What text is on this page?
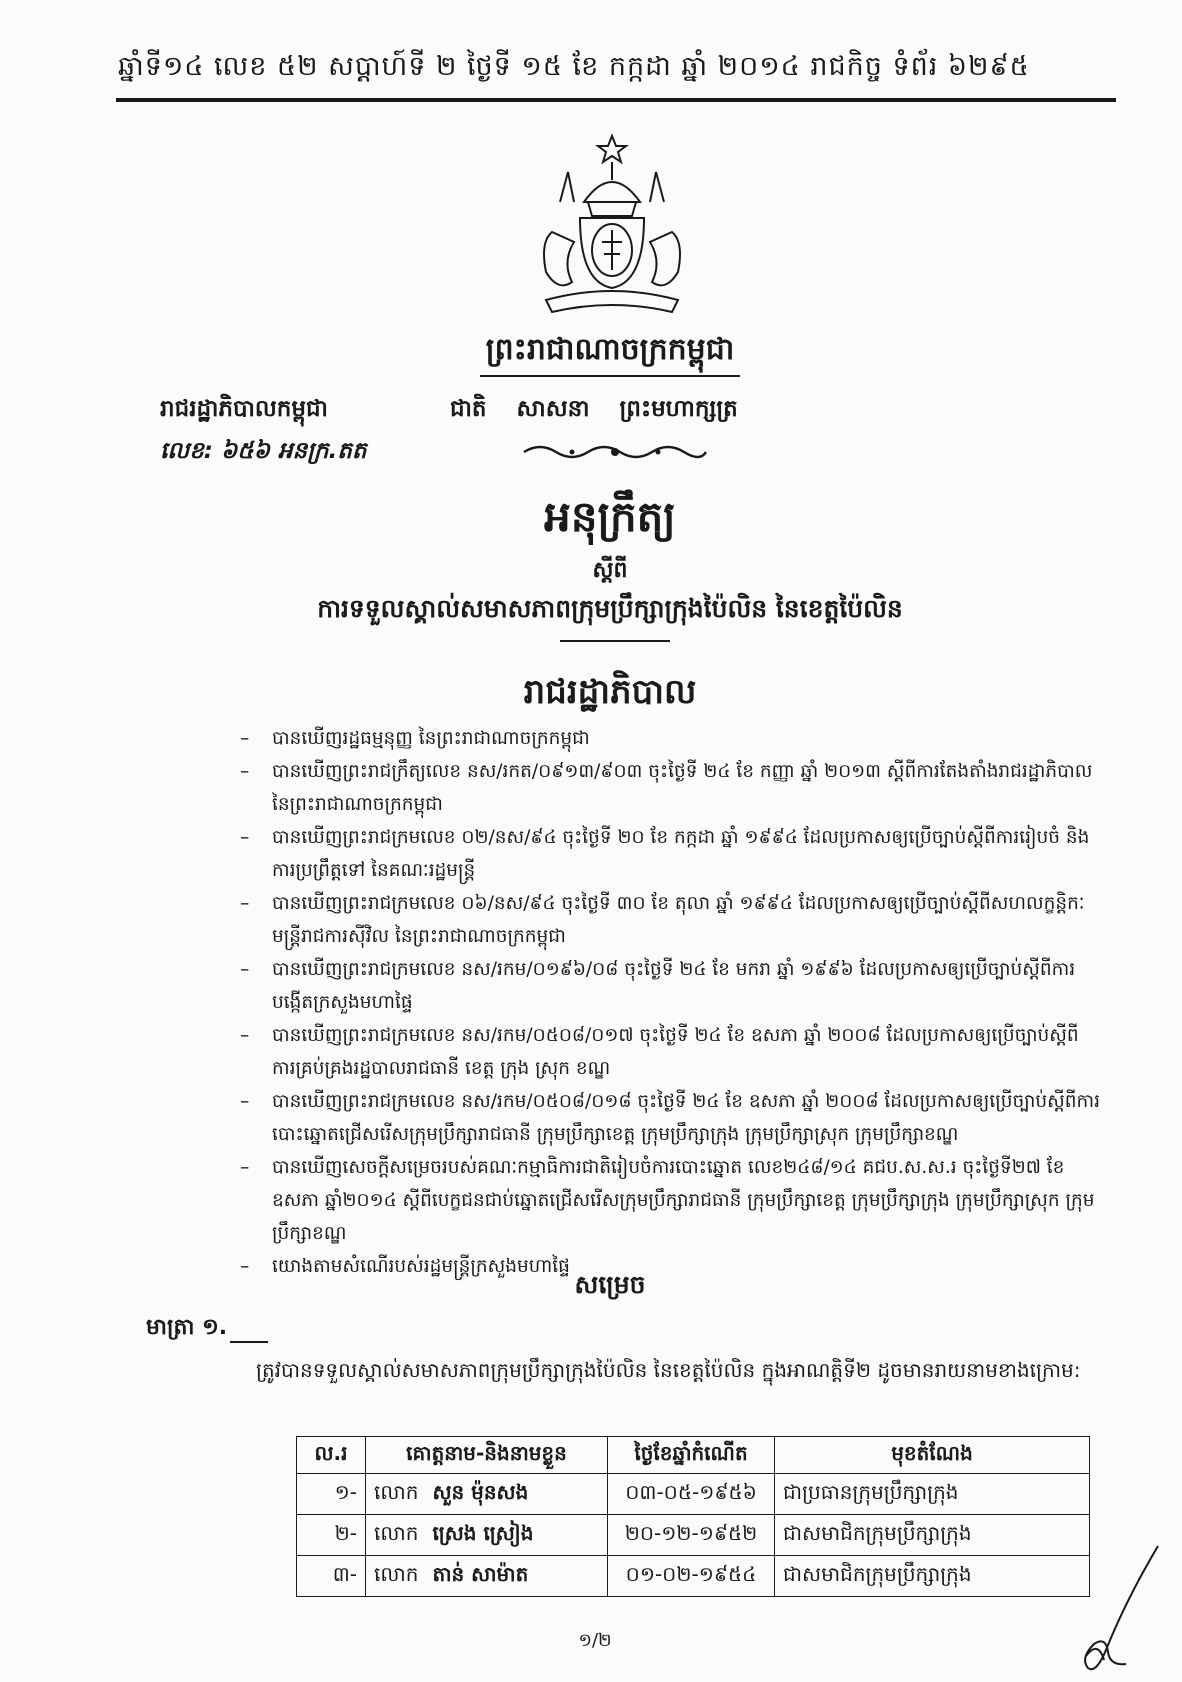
ឆ្នាំទី១៤ លេខ ៥២ សប្តាហ៍ទី ២ ថ្ងៃទី ១៥ ខែ កក្កដា ឆ្នាំ ២០១៤ រាជកិច្ច ទំព័រ ៦២៩៥
ព្រះរាជាណាចក្រកម្ពុជា
រាជរដ្ឋាភិបាលកម្ពុជា	ជាតិ សាសនា ព្រះមហាក្សត្រ
លេខ: ៦៥៦ អនក្រ.តត
អនុក្រឹត្យ
ស្តីពី
ការទទួលស្គាល់សមាសភាពក្រុមប្រឹក្សាក្រុងប៉ៃលិន នៃខេត្តប៉ៃលិន
រាជរដ្ឋាភិបាល
– បានឃើញរដ្ឋធម្មនុញ្ញ នៃព្រះរាជាណាចក្រកម្ពុជា
– បានឃើញព្រះរាជក្រឹត្យលេខ នស/រកត/០៩១៣/៩០៣ ចុះថ្ងៃទី ២៤ ខែ កញ្ញា ឆ្នាំ ២០១៣ ស្តីពីការតែងតាំងរាជរដ្ឋាភិបាល នៃព្រះរាជាណាចក្រកម្ពុជា
– បានឃើញព្រះរាជក្រមលេខ ០២/នស/៩៤ ចុះថ្ងៃទី ២០ ខែ កក្កដា ឆ្នាំ ១៩៩៤ ដែលប្រកាសឲ្យប្រើច្បាប់ស្តីពីការរៀបចំ និងការប្រព្រឹត្តទៅ នៃគណៈរដ្ឋមន្ត្រី
– បានឃើញព្រះរាជក្រមលេខ ០៦/នស/៩៤ ចុះថ្ងៃទី ៣០ ខែ តុលា ឆ្នាំ ១៩៩៤ ដែលប្រកាសឲ្យប្រើច្បាប់ស្តីពីសហលក្ខន្តិកៈមន្ត្រីរាជការស៊ីវិល នៃព្រះរាជាណាចក្រកម្ពុជា
– បានឃើញព្រះរាជក្រមលេខ នស/រកម/០១៩៦/០៨ ចុះថ្ងៃទី ២៤ ខែ មករា ឆ្នាំ ១៩៩៦ ដែលប្រកាសឲ្យប្រើច្បាប់ស្តីពីការបង្កើតក្រសួងមហាផ្ទៃ
– បានឃើញព្រះរាជក្រមលេខ នស/រកម/០៥០៨/០១៧ ចុះថ្ងៃទី ២៤ ខែ ឧសភា ឆ្នាំ ២០០៨ ដែលប្រកាសឲ្យប្រើច្បាប់ស្តីពីការគ្រប់គ្រងរដ្ឋបាលរាជធានី ខេត្ត ក្រុង ស្រុក ខណ្ឌ
– បានឃើញព្រះរាជក្រមលេខ នស/រកម/០៥០៨/០១៨ ចុះថ្ងៃទី ២៤ ខែ ឧសភា ឆ្នាំ ២០០៨ ដែលប្រកាសឲ្យប្រើច្បាប់ស្តីពីការបោះឆ្នោតជ្រើសរើសក្រុមប្រឹក្សារាជធានី ក្រុមប្រឹក្សាខេត្ត ក្រុមប្រឹក្សាក្រុង ក្រុមប្រឹក្សាស្រុក ក្រុមប្រឹក្សាខណ្ឌ
– បានឃើញសេចក្តីសម្រេចរបស់គណៈកម្មាធិការជាតិរៀបចំការបោះឆ្នោត លេខ២៤៨/១៤ គជប.ស.ស.រ ចុះថ្ងៃទី២៧ ខែឧសភា ឆ្នាំ២០១៤ ស្តីពីបេក្ខជនជាប់ឆ្នោតជ្រើសរើសក្រុមប្រឹក្សារាជធានី ក្រុមប្រឹក្សាខេត្ត ក្រុមប្រឹក្សាក្រុង ក្រុមប្រឹក្សាស្រុក ក្រុមប្រឹក្សាខណ្ឌ
– យោងតាមសំណើរបស់រដ្ឋមន្ត្រីក្រសួងមហាផ្ទៃ
សម្រេច
មាត្រា ១.
ត្រូវបានទទួលស្គាល់សមាសភាពក្រុមប្រឹក្សាក្រុងប៉ៃលិន នៃខេត្តប៉ៃលិន ក្នុងអាណត្តិទី២ ដូចមានរាយនាមខាងក្រោម:
ល.រ	គោត្តនាម-និងនាមខ្លួន	ថ្ងៃខែឆ្នាំកំណើត	មុខតំណែង
១-	លោក សួន ម៉ុនសង	០៣-០៥-១៩៥៦	ជាប្រធានក្រុមប្រឹក្សាក្រុង
២-	លោក ស្រេង ស្រៀង	២០-១២-១៩៥២	ជាសមាជិកក្រុមប្រឹក្សាក្រុង
៣-	លោក តាន់ សាម៉ាត	០១-០២-១៩៥៤	ជាសមាជិកក្រុមប្រឹក្សាក្រុង
១/២
